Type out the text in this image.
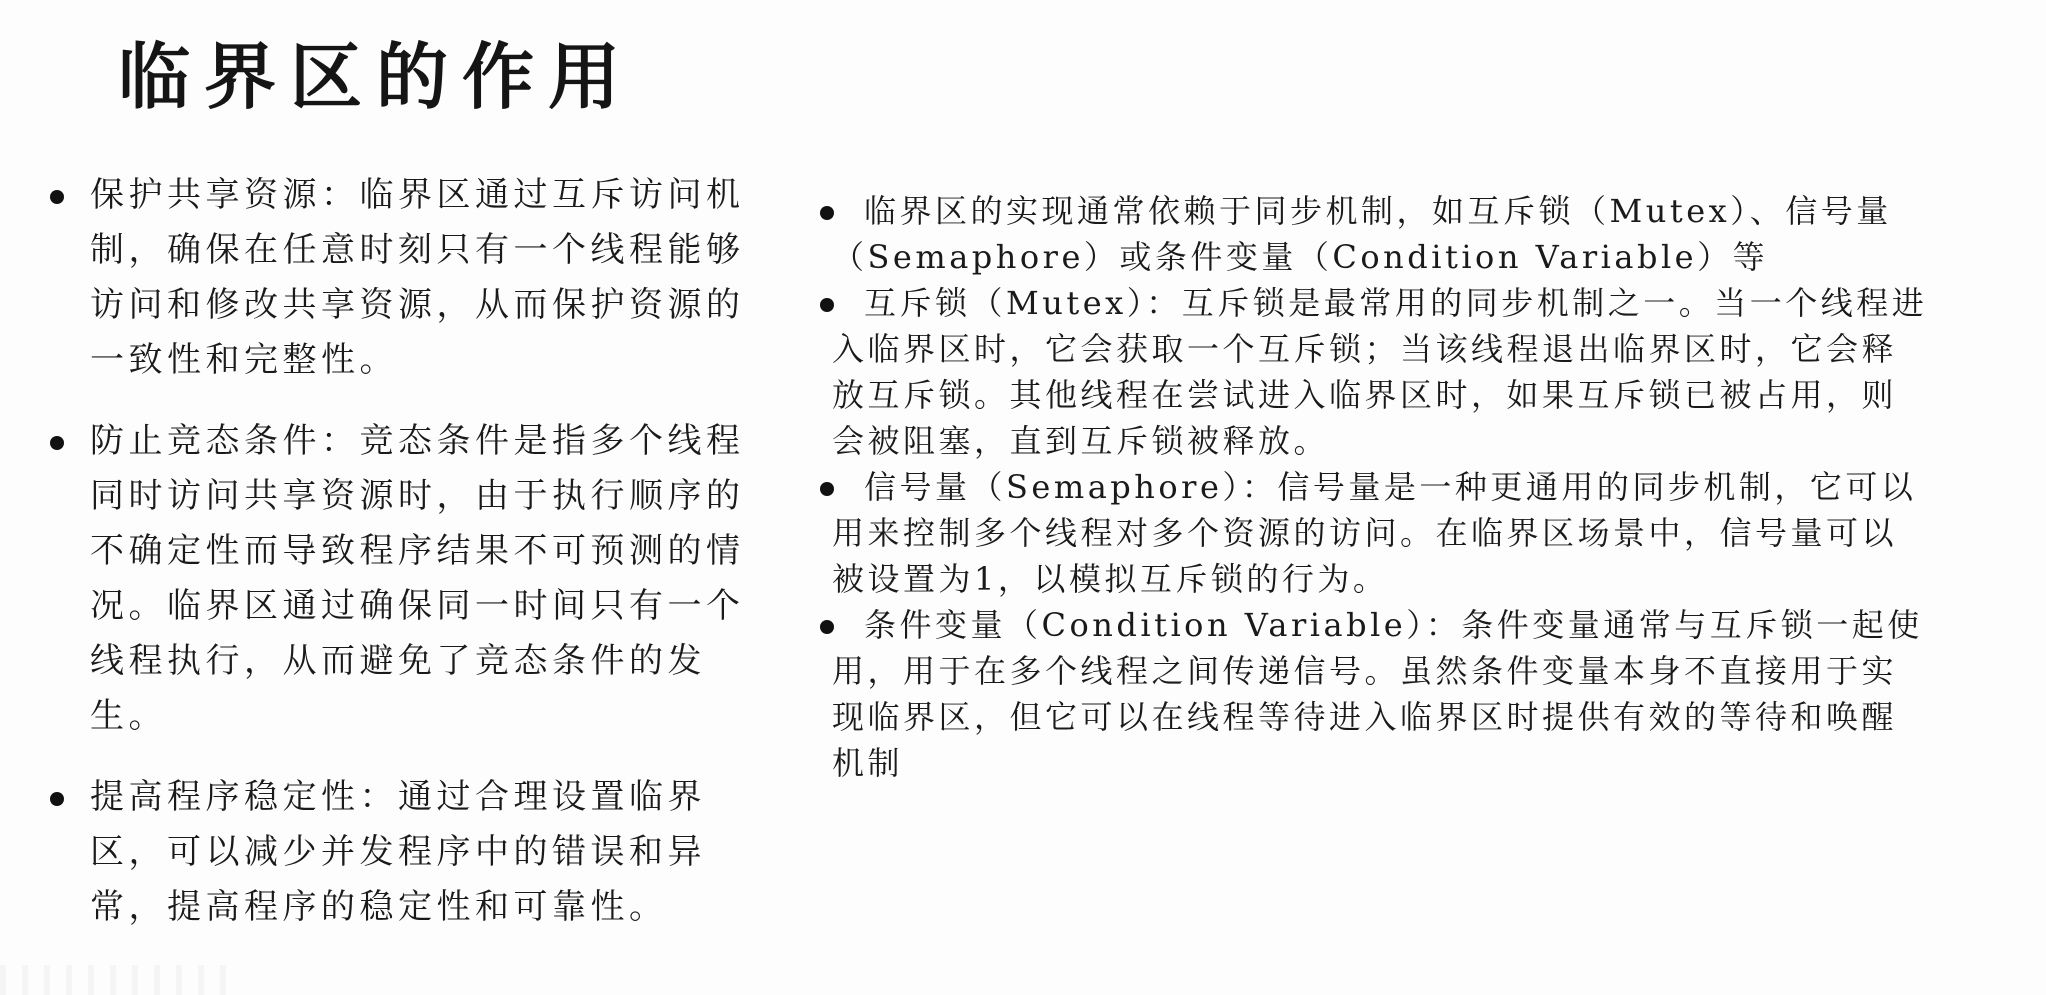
临界区的作用
保护共享资源：临界区通过互斥访问机制，确保在任意时刻只有一个线程能够访问和修改共享资源，从而保护资源的一致性和完整性。
防止竞态条件：竞态条件是指多个线程同时访问共享资源时，由于执行顺序的不确定性而导致程序结果不可预测的情况。临界区通过确保同一时间只有一个线程执行，从而避免了竞态条件的发生。
提高程序稳定性：通过合理设置临界区，可以减少并发程序中的错误和异常，提高程序的稳定性和可靠性。
临界区的实现通常依赖于同步机制，如互斥锁（Mutex）、信号量（Semaphore）或条件变量（Condition Variable）等
互斥锁（Mutex）：互斥锁是最常用的同步机制之一。当一个线程进入临界区时，它会获取一个互斥锁；当该线程退出临界区时，它会释放互斥锁。其他线程在尝试进入临界区时，如果互斥锁已被占用，则会被阻塞，直到互斥锁被释放。
信号量（Semaphore）：信号量是一种更通用的同步机制，它可以用来控制多个线程对多个资源的访问。在临界区场景中，信号量可以被设置为1，以模拟互斥锁的行为。
条件变量（Condition Variable）：条件变量通常与互斥锁一起使用，用于在多个线程之间传递信号。虽然条件变量本身不直接用于实现临界区，但它可以在线程等待进入临界区时提供有效的等待和唤醒机制
